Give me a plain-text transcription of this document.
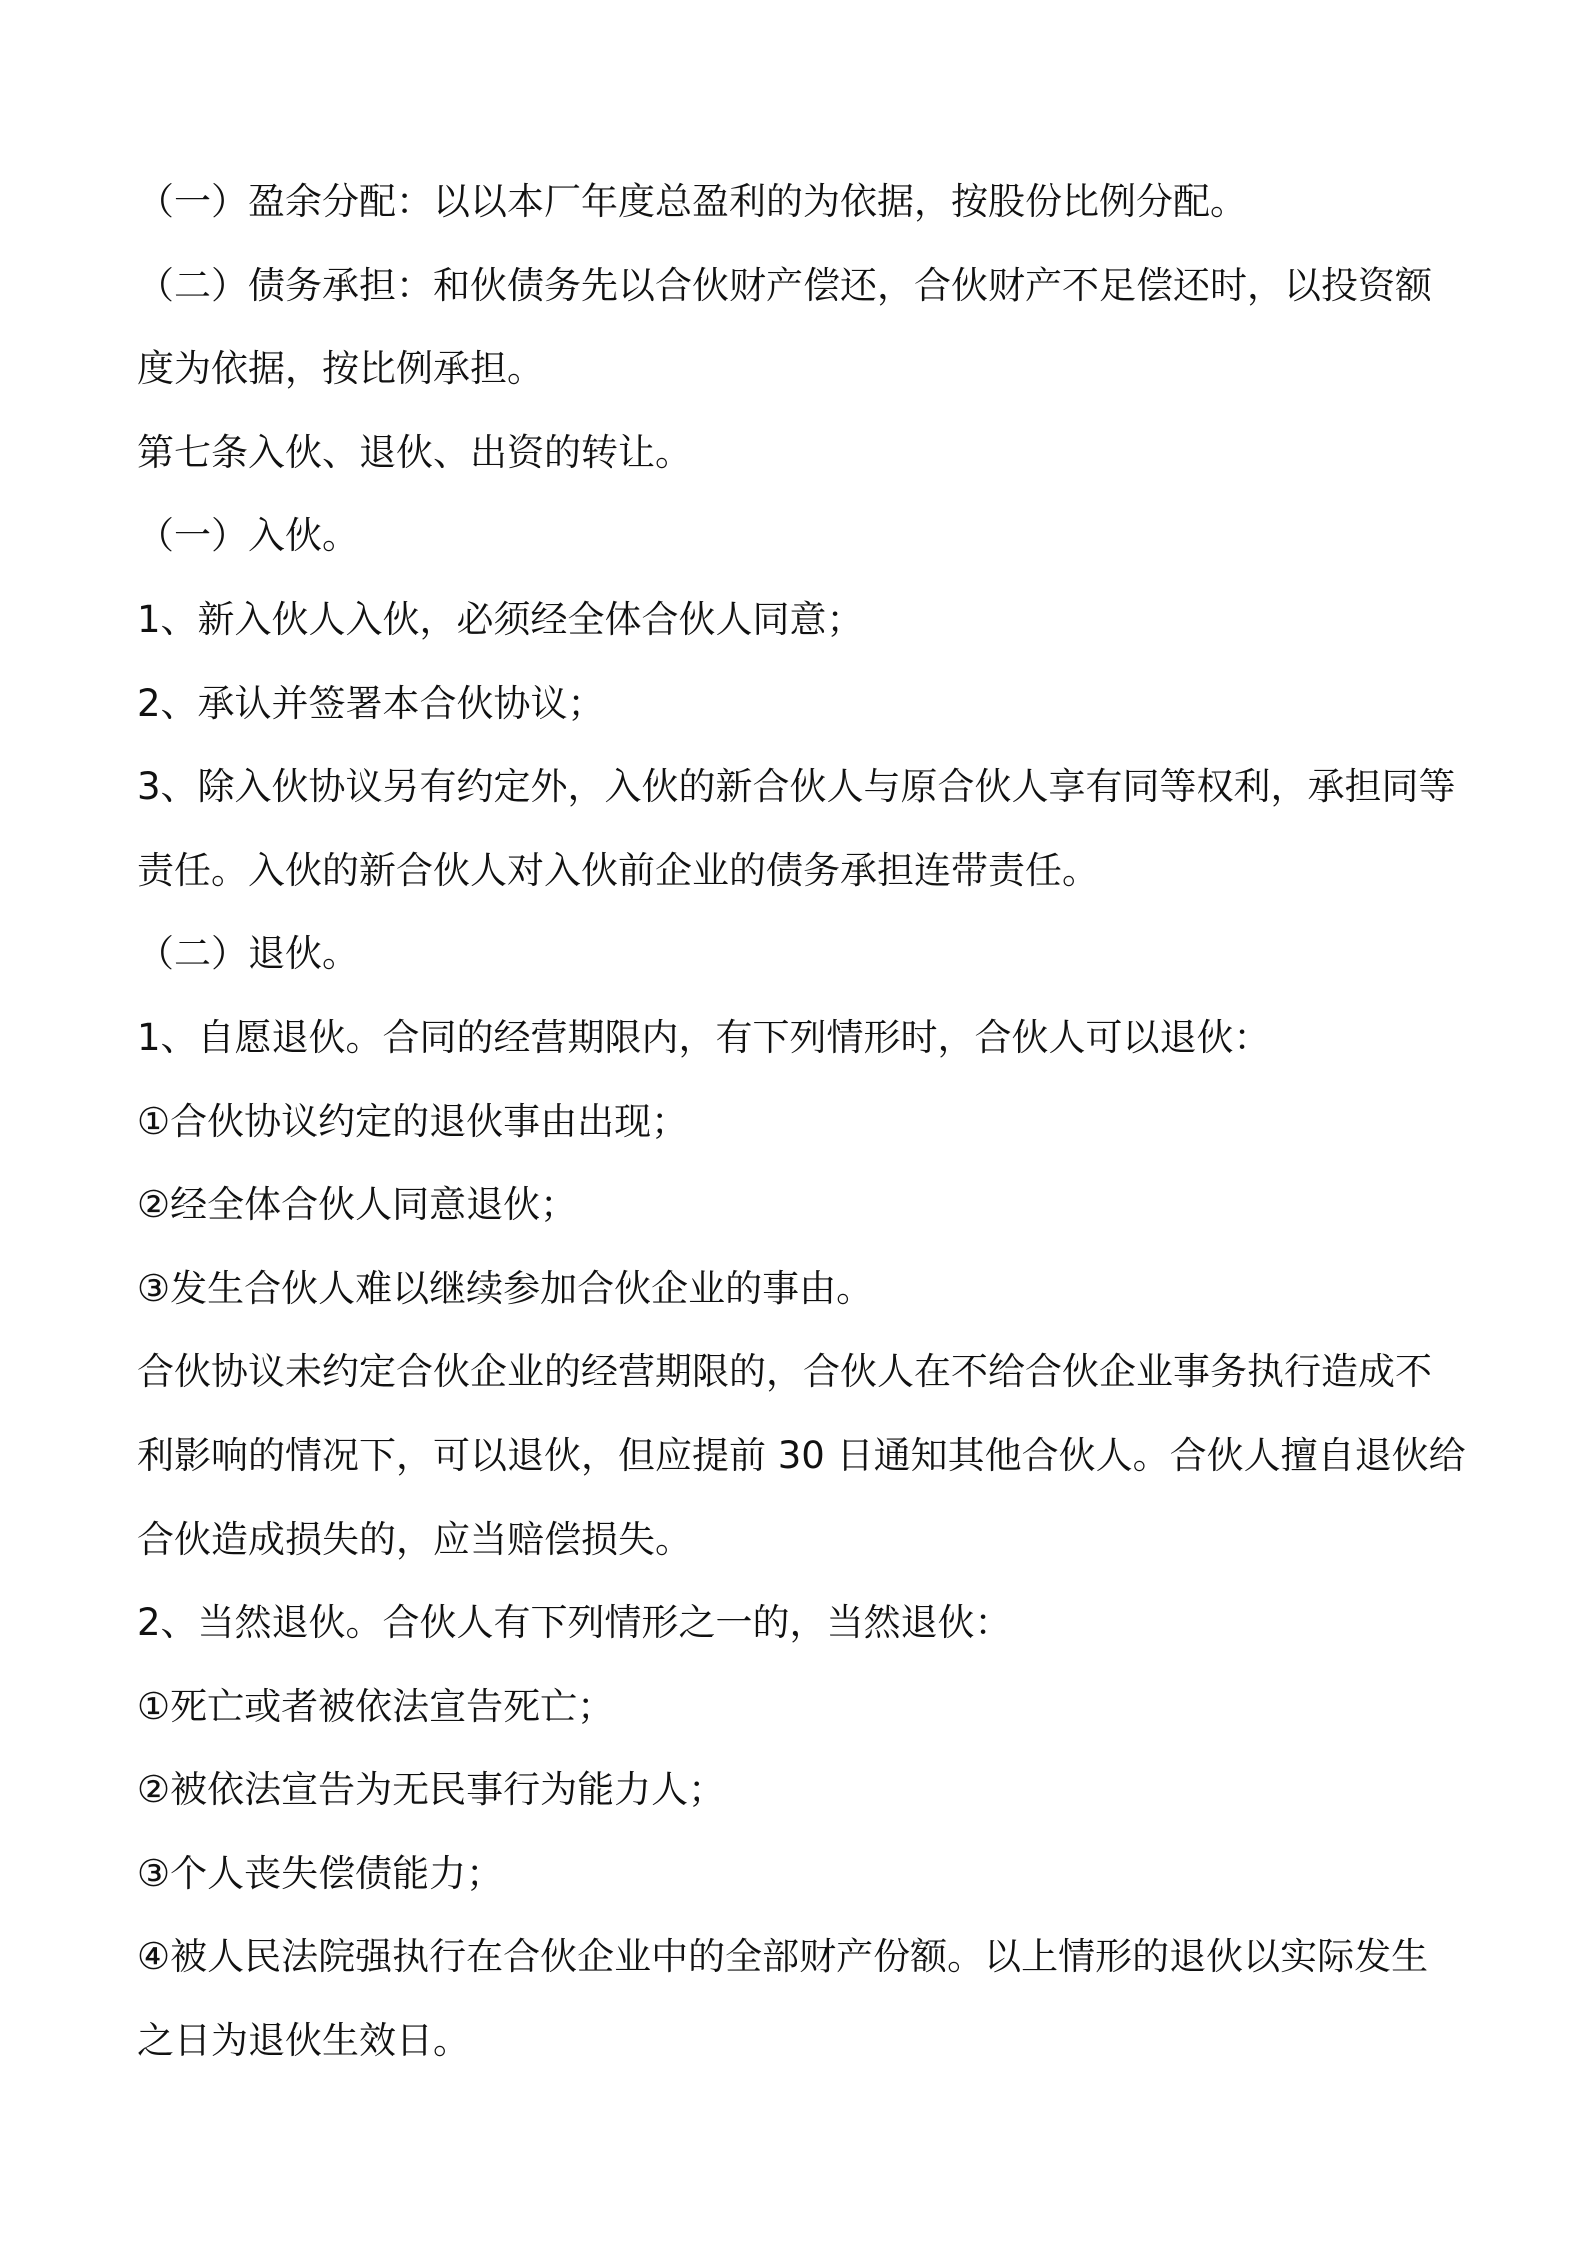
（一）盈余分配：以以本厂年度总盈利的为依据，按股份比例分配。
（二）债务承担：和伙债务先以合伙财产偿还，合伙财产不足偿还时，以投资额
度为依据，按比例承担。
第七条入伙、退伙、出资的转让。
（一）入伙。
1、新入伙人入伙，必须经全体合伙人同意；
2、承认并签署本合伙协议；
3、除入伙协议另有约定外，入伙的新合伙人与原合伙人享有同等权利，承担同等
责任。入伙的新合伙人对入伙前企业的债务承担连带责任。
（二）退伙。
1、自愿退伙。合同的经营期限内，有下列情形时，合伙人可以退伙：
①合伙协议约定的退伙事由出现；
②经全体合伙人同意退伙；
③发生合伙人难以继续参加合伙企业的事由。
合伙协议未约定合伙企业的经营期限的，合伙人在不给合伙企业事务执行造成不
利影响的情况下，可以退伙，但应提前 30 日通知其他合伙人。合伙人擅自退伙给
合伙造成损失的，应当赔偿损失。
2、当然退伙。合伙人有下列情形之一的，当然退伙：
①死亡或者被依法宣告死亡；
②被依法宣告为无民事行为能力人；
③个人丧失偿债能力；
④被人民法院强执行在合伙企业中的全部财产份额。以上情形的退伙以实际发生
之日为退伙生效日。
